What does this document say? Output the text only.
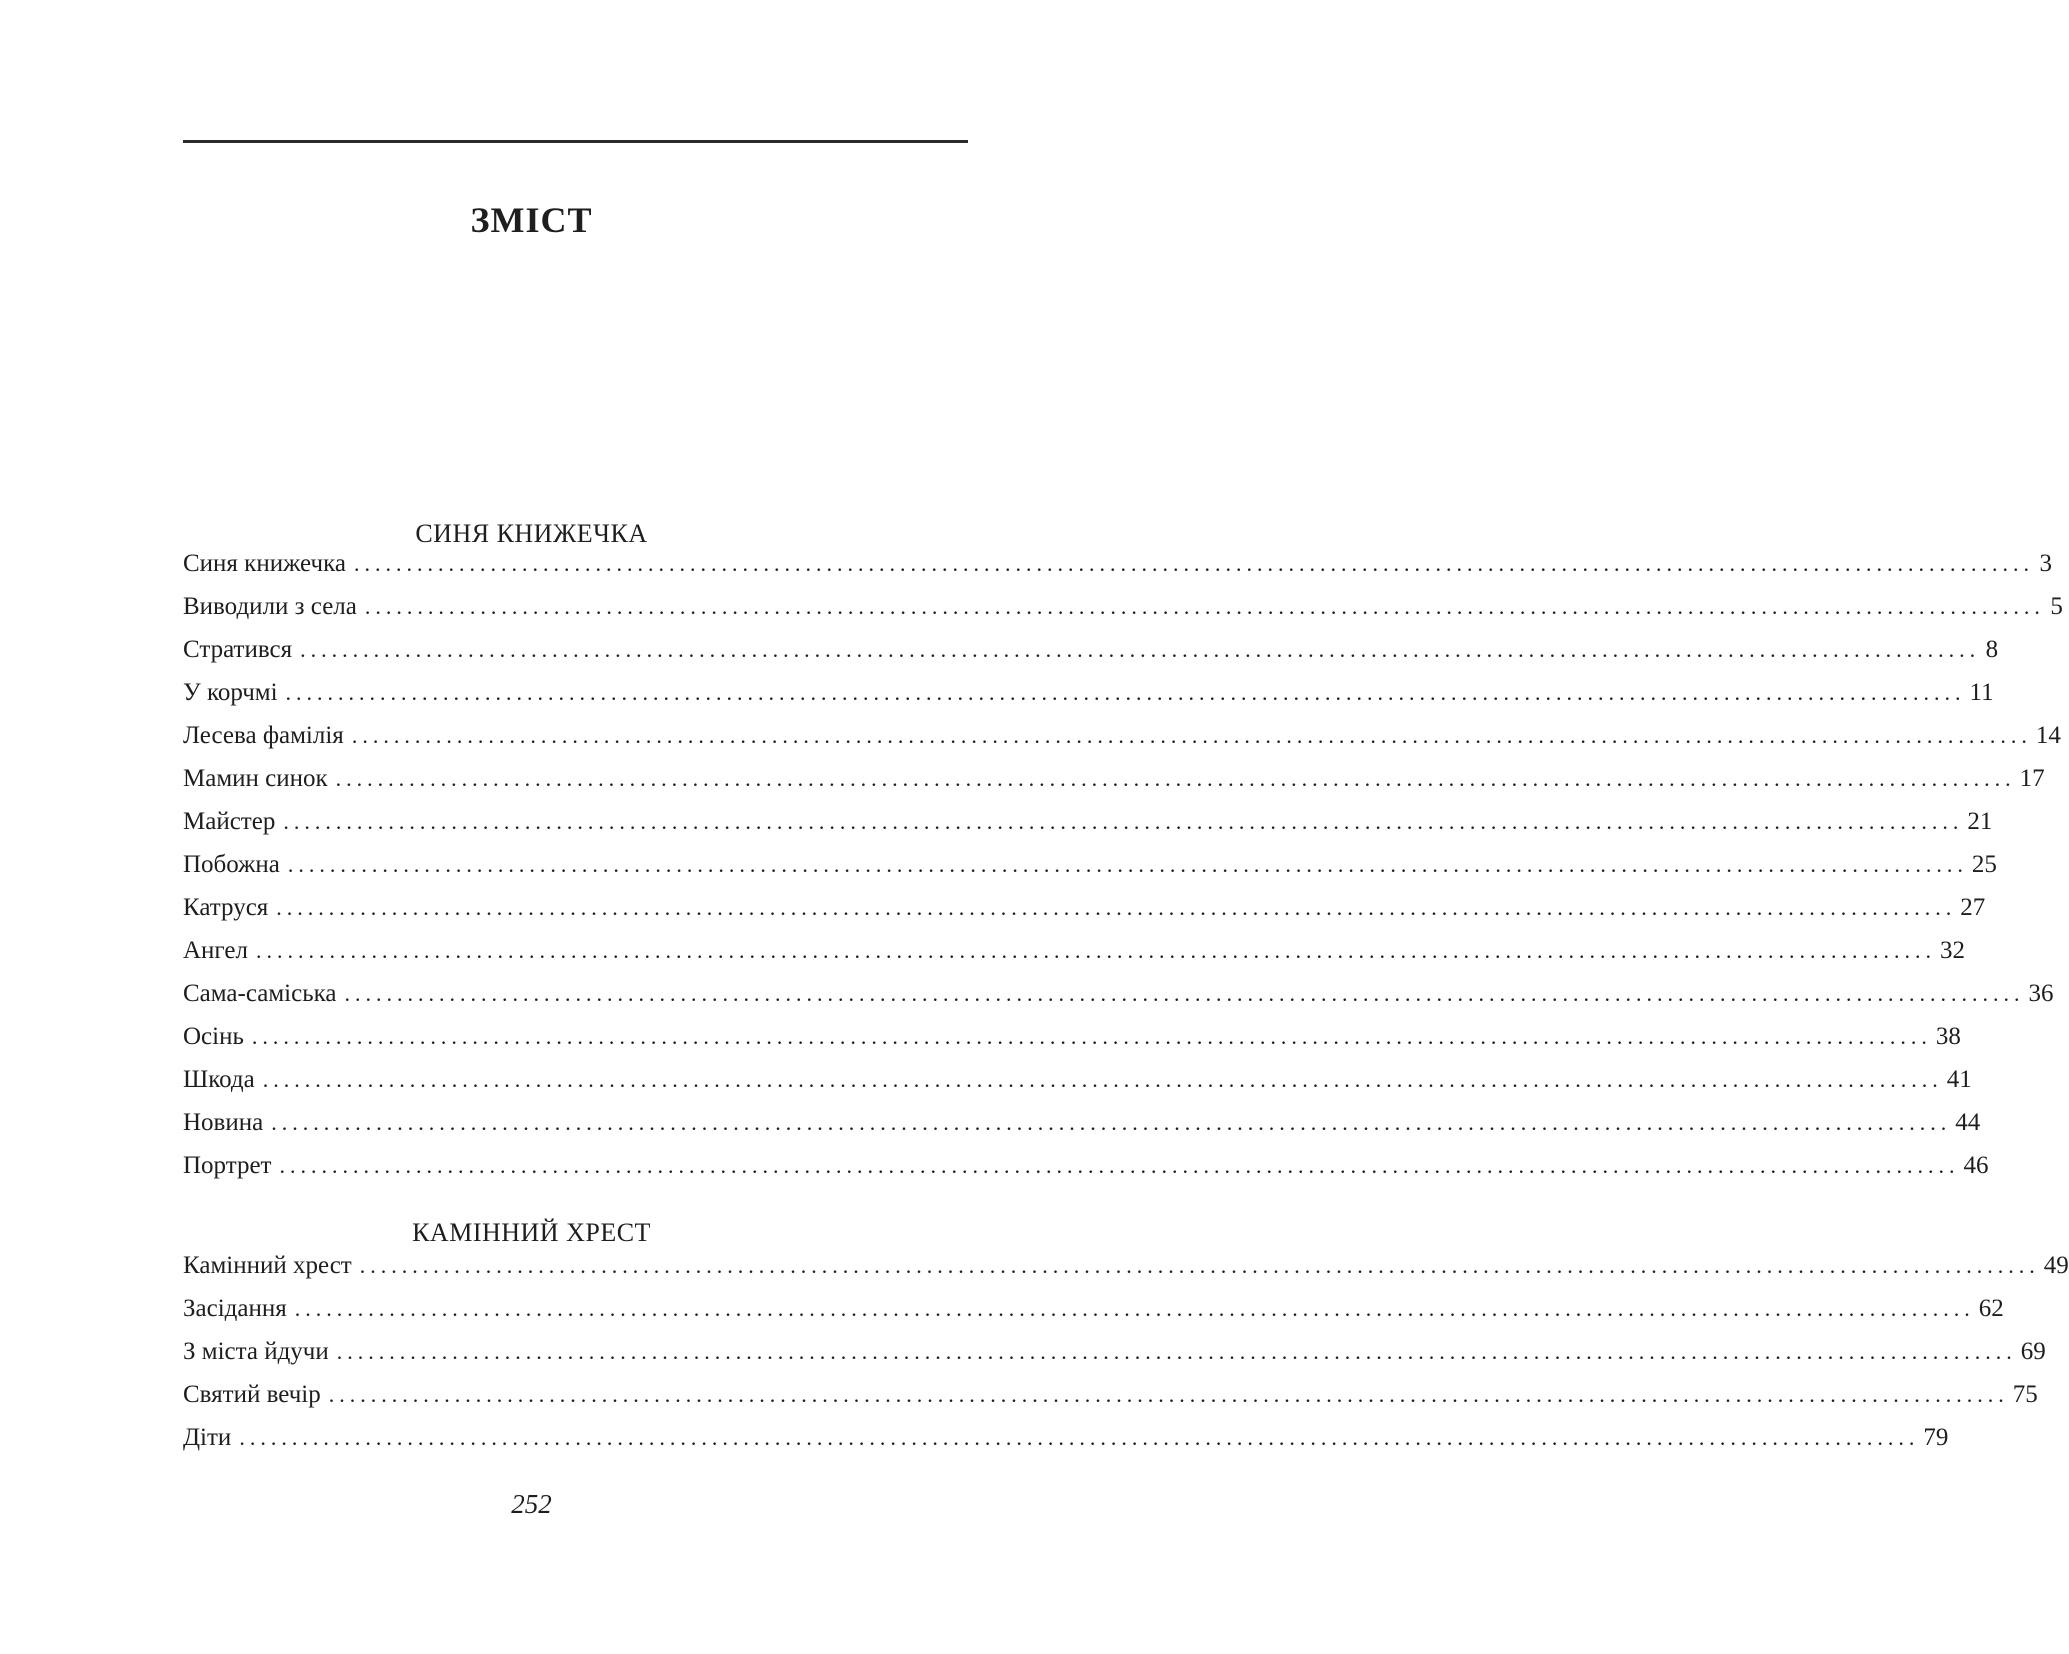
ЗМІСТ
СИНЯ КНИЖЕЧКА
Синя книжечка ................................................................................................................................................................ 3
Виводили з села ................................................................................................................................................................ 5
Стратився ................................................................................................................................................................ 8
У корчмі ................................................................................................................................................................ 11
Лесева фамілія ................................................................................................................................................................ 14
Мамин синок ................................................................................................................................................................ 17
Майстер ................................................................................................................................................................ 21
Побожна ................................................................................................................................................................ 25
Катруся ................................................................................................................................................................ 27
Ангел ................................................................................................................................................................ 32
Сама-саміська ................................................................................................................................................................ 36
Осінь ................................................................................................................................................................ 38
Шкода ................................................................................................................................................................ 41
Новина ................................................................................................................................................................ 44
Портрет ................................................................................................................................................................ 46
КАМІННИЙ ХРЕСТ
Камінний хрест ................................................................................................................................................................ 49
Засідання ................................................................................................................................................................ 62
З міста йдучи ................................................................................................................................................................ 69
Святий вечір ................................................................................................................................................................ 75
Діти ................................................................................................................................................................ 79
252
